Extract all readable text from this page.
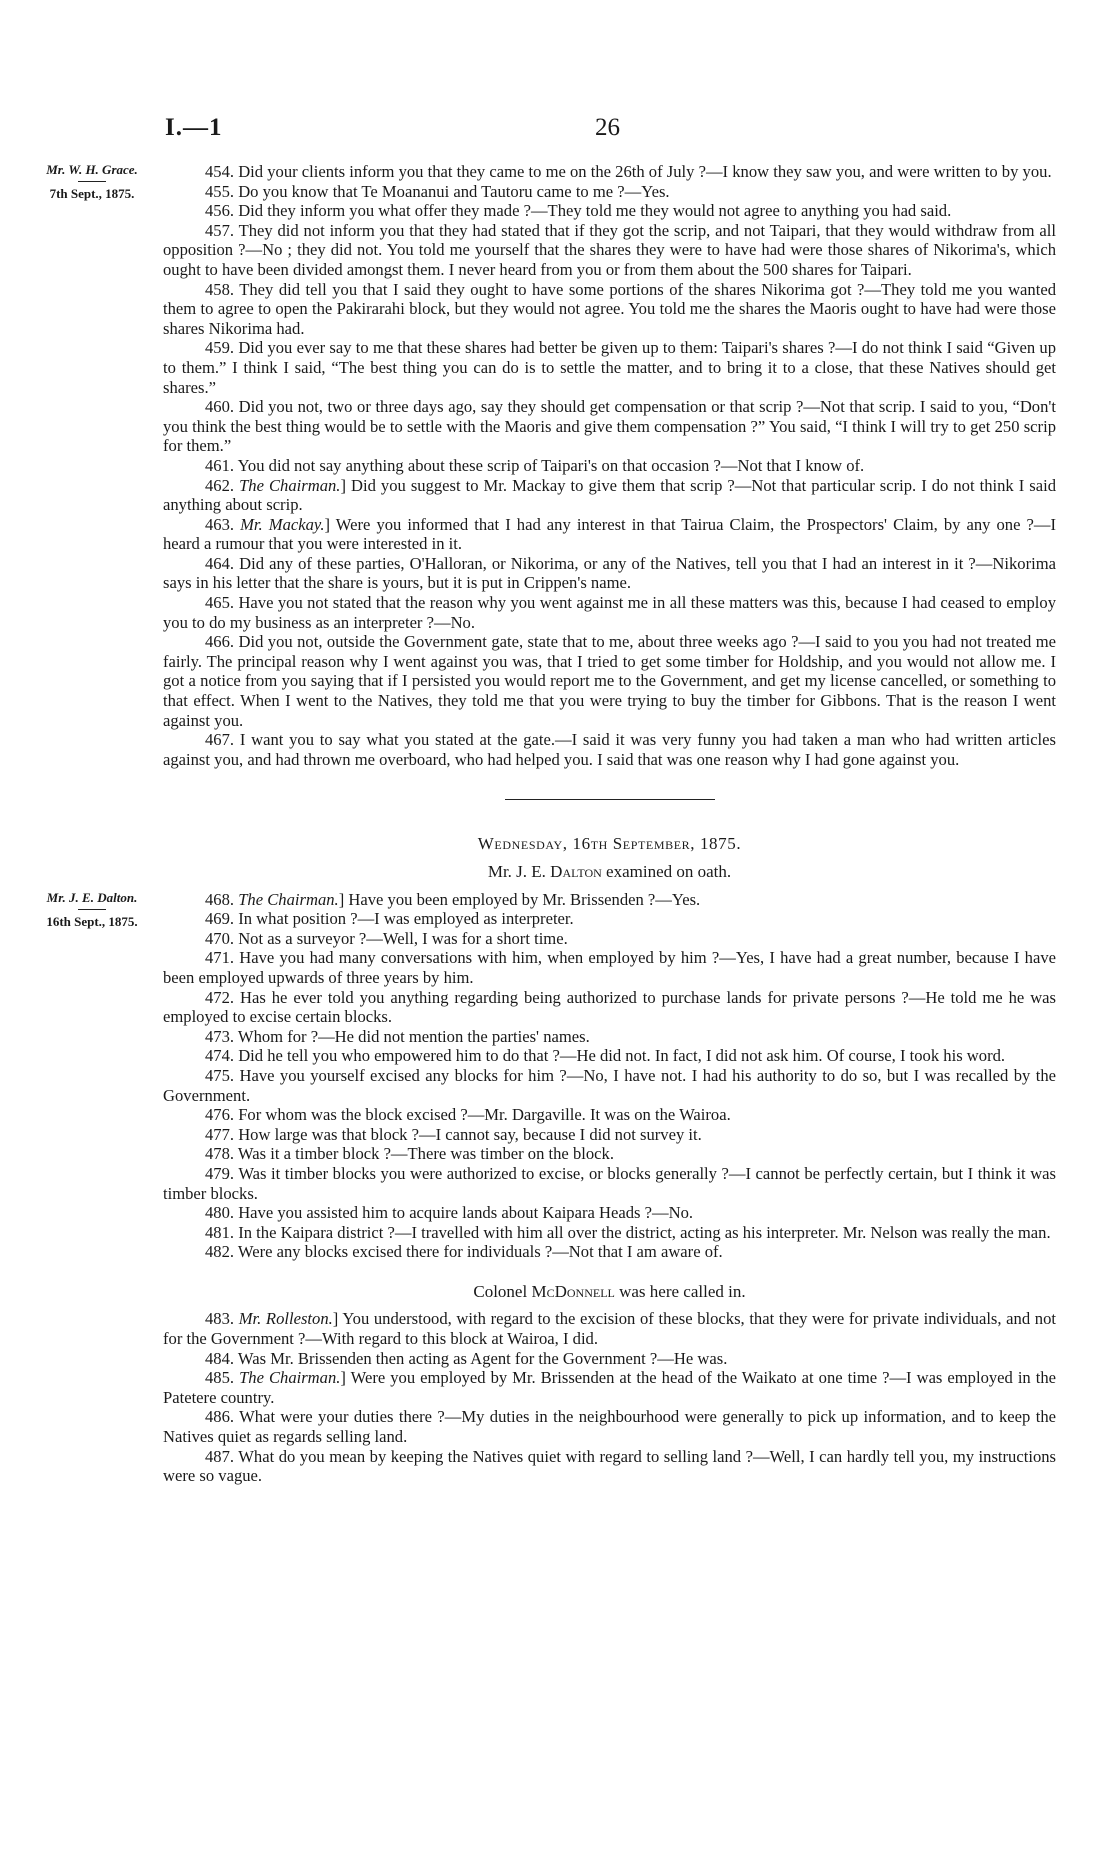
I.—1	26

Mr. W. H. Grace.
7th Sept., 1875.
454. Did your clients inform you that they came to me on the 26th of July ?—I know they saw you, and were written to by you.

455. Do you know that Te Moananui and Tautoru came to me ?—Yes.

456. Did they inform you what offer they made ?—They told me they would not agree to anything you had said.

457. They did not inform you that they had stated that if they got the scrip, and not Taipari, that they would withdraw from all opposition ?—No ; they did not. You told me yourself that the shares they were to have had were those shares of Nikorima's, which ought to have been divided amongst them. I never heard from you or from them about the 500 shares for Taipari.

458. They did tell you that I said they ought to have some portions of the shares Nikorima got ?—They told me you wanted them to agree to open the Pakirarahi block, but they would not agree. You told me the shares the Maoris ought to have had were those shares Nikorima had.

459. Did you ever say to me that these shares had better be given up to them: Taipari's shares ?—I do not think I said “Given up to them.” I think I said, “The best thing you can do is to settle the matter, and to bring it to a close, that these Natives should get shares.”

460. Did you not, two or three days ago, say they should get compensation or that scrip ?—Not that scrip. I said to you, “Don't you think the best thing would be to settle with the Maoris and give them compensation ?” You said, “I think I will try to get 250 scrip for them.”

461. You did not say anything about these scrip of Taipari's on that occasion ?—Not that I know of.

462. The Chairman.] Did you suggest to Mr. Mackay to give them that scrip ?—Not that particular scrip. I do not think I said anything about scrip.

463. Mr. Mackay.] Were you informed that I had any interest in that Tairua Claim, the Prospectors' Claim, by any one ?—I heard a rumour that you were interested in it.

464. Did any of these parties, O'Halloran, or Nikorima, or any of the Natives, tell you that I had an interest in it ?—Nikorima says in his letter that the share is yours, but it is put in Crippen's name.

465. Have you not stated that the reason why you went against me in all these matters was this, because I had ceased to employ you to do my business as an interpreter ?—No.

466. Did you not, outside the Government gate, state that to me, about three weeks ago ?—I said to you you had not treated me fairly. The principal reason why I went against you was, that I tried to get some timber for Holdship, and you would not allow me. I got a notice from you saying that if I persisted you would report me to the Government, and get my license cancelled, or something to that effect. When I went to the Natives, they told me that you were trying to buy the timber for Gibbons. That is the reason I went against you.

467. I want you to say what you stated at the gate.—I said it was very funny you had taken a man who had written articles against you, and had thrown me overboard, who had helped you. I said that was one reason why I had gone against you.

Wednesday, 16th September, 1875.

Mr. J. E. Dalton examined on oath.

Mr. J. E. Dalton.
16th Sept., 1875.
468. The Chairman.] Have you been employed by Mr. Brissenden ?—Yes.

469. In what position ?—I was employed as interpreter.

470. Not as a surveyor ?—Well, I was for a short time.

471. Have you had many conversations with him, when employed by him ?—Yes, I have had a great number, because I have been employed upwards of three years by him.

472. Has he ever told you anything regarding being authorized to purchase lands for private persons ?—He told me he was employed to excise certain blocks.

473. Whom for ?—He did not mention the parties' names.

474. Did he tell you who empowered him to do that ?—He did not. In fact, I did not ask him. Of course, I took his word.

475. Have you yourself excised any blocks for him ?—No, I have not. I had his authority to do so, but I was recalled by the Government.

476. For whom was the block excised ?—Mr. Dargaville. It was on the Wairoa.

477. How large was that block ?—I cannot say, because I did not survey it.

478. Was it a timber block ?—There was timber on the block.

479. Was it timber blocks you were authorized to excise, or blocks generally ?—I cannot be perfectly certain, but I think it was timber blocks.

480. Have you assisted him to acquire lands about Kaipara Heads ?—No.

481. In the Kaipara district ?—I travelled with him all over the district, acting as his interpreter. Mr. Nelson was really the man.

482. Were any blocks excised there for individuals ?—Not that I am aware of.

Colonel McDonnell was here called in.

483. Mr. Rolleston.] You understood, with regard to the excision of these blocks, that they were for private individuals, and not for the Government ?—With regard to this block at Wairoa, I did.

484. Was Mr. Brissenden then acting as Agent for the Government ?—He was.

485. The Chairman.] Were you employed by Mr. Brissenden at the head of the Waikato at one time ?—I was employed in the Patetere country.

486. What were your duties there ?—My duties in the neighbourhood were generally to pick up information, and to keep the Natives quiet as regards selling land.

487. What do you mean by keeping the Natives quiet with regard to selling land ?—Well, I can hardly tell you, my instructions were so vague.
